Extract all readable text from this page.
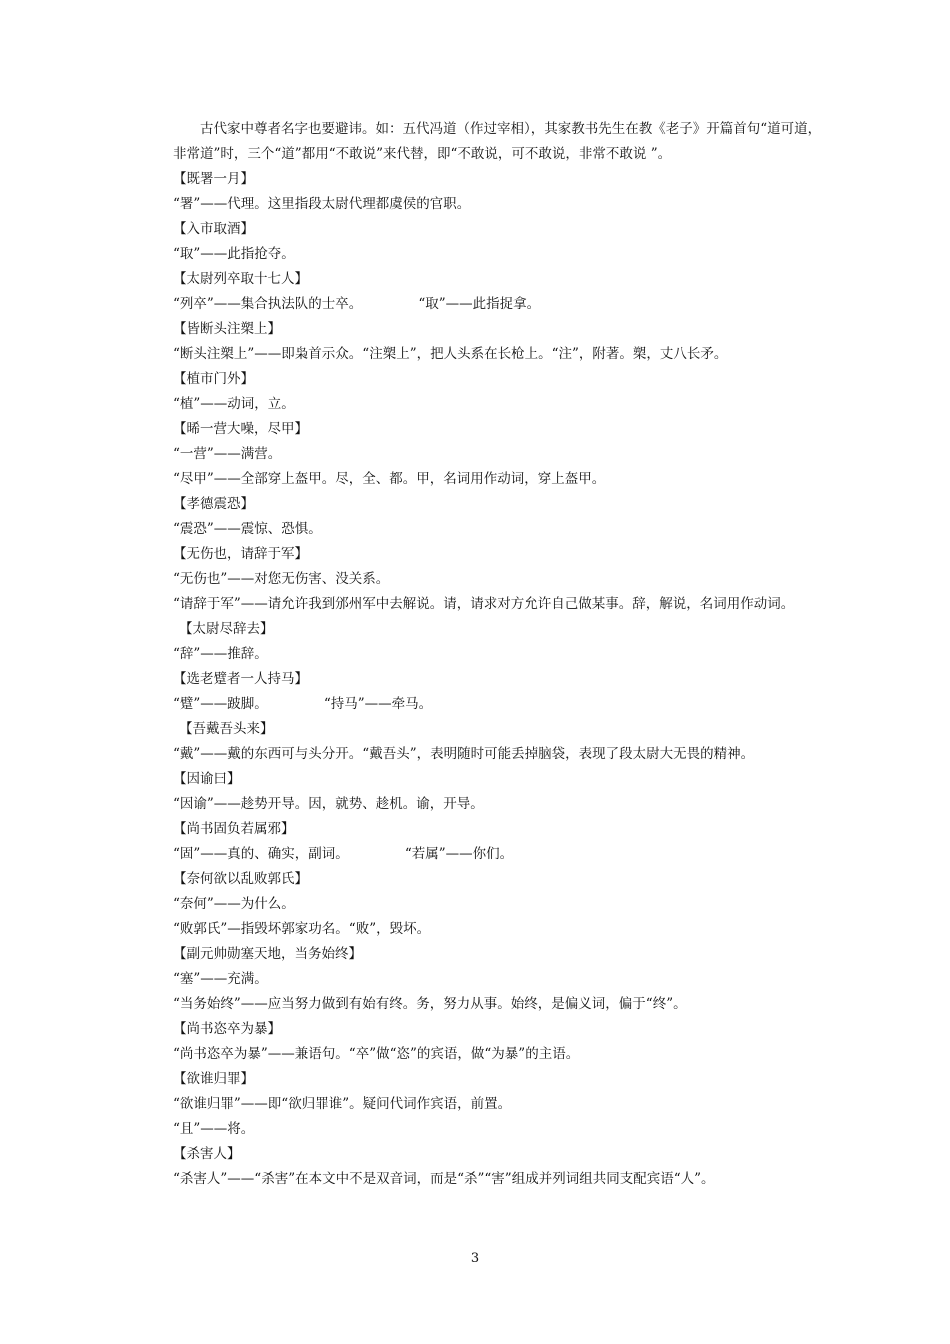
古代家中尊者名字也要避讳。如：五代冯道（作过宰相），其家教书先生在教《老子》开篇首句“道可道，非常道”时，三个“道”都用“不敢说”来代替，即“不敢说，可不敢说，非常不敢说 ”。

【既署一月】

“署”——代理。这里指段太尉代理都虞侯的官职。

【入市取酒】

“取”——此指抢夺。

【太尉列卒取十七人】

“列卒”——集合执法队的士卒。	“取”——此指捉拿。

【皆断头注槊上】

“断头注槊上”——即枭首示众。“注槊上”，把人头系在长枪上。“注”，附著。槊，丈八长矛。

【植市门外】

“植”——动词，立。

【晞一营大噪，尽甲】

“一营”——满营。

“尽甲”——全部穿上盔甲。尽，全、都。甲，名词用作动词，穿上盔甲。

【孝德震恐】

“震恐”——震惊、恐惧。

【无伤也，请辞于军】

“无伤也”——对您无伤害、没关系。

“请辞于军”——请允许我到邠州军中去解说。请，请求对方允许自己做某事。辞，解说，名词用作动词。

【太尉尽辞去】

“辞”——推辞。

【选老躄者一人持马】

“躄”——跛脚。	“持马”——牵马。

【吾戴吾头来】

“戴”——戴的东西可与头分开。“戴吾头”，表明随时可能丢掉脑袋，表现了段太尉大无畏的精神。

【因谕曰】

“因谕”——趁势开导。因，就势、趁机。谕，开导。

【尚书固负若属邪】

“固”——真的、确实，副词。	“若属”——你们。

【奈何欲以乱败郭氏】

“奈何”——为什么。

“败郭氏”—指毁坏郭家功名。“败”，毁坏。

【副元帅勋塞天地，当务始终】

“塞”——充满。

“当务始终”——应当努力做到有始有终。务，努力从事。始终，是偏义词，偏于“终”。

【尚书恣卒为暴】

“尚书恣卒为暴”——兼语句。“卒”做“恣”的宾语，做“为暴”的主语。

【欲谁归罪】

“欲谁归罪”——即“欲归罪谁”。疑问代词作宾语，前置。

“且”——将。

【杀害人】

“杀害人”——“杀害”在本文中不是双音词，而是“杀”“害”组成并列词组共同支配宾语“人”。

3
